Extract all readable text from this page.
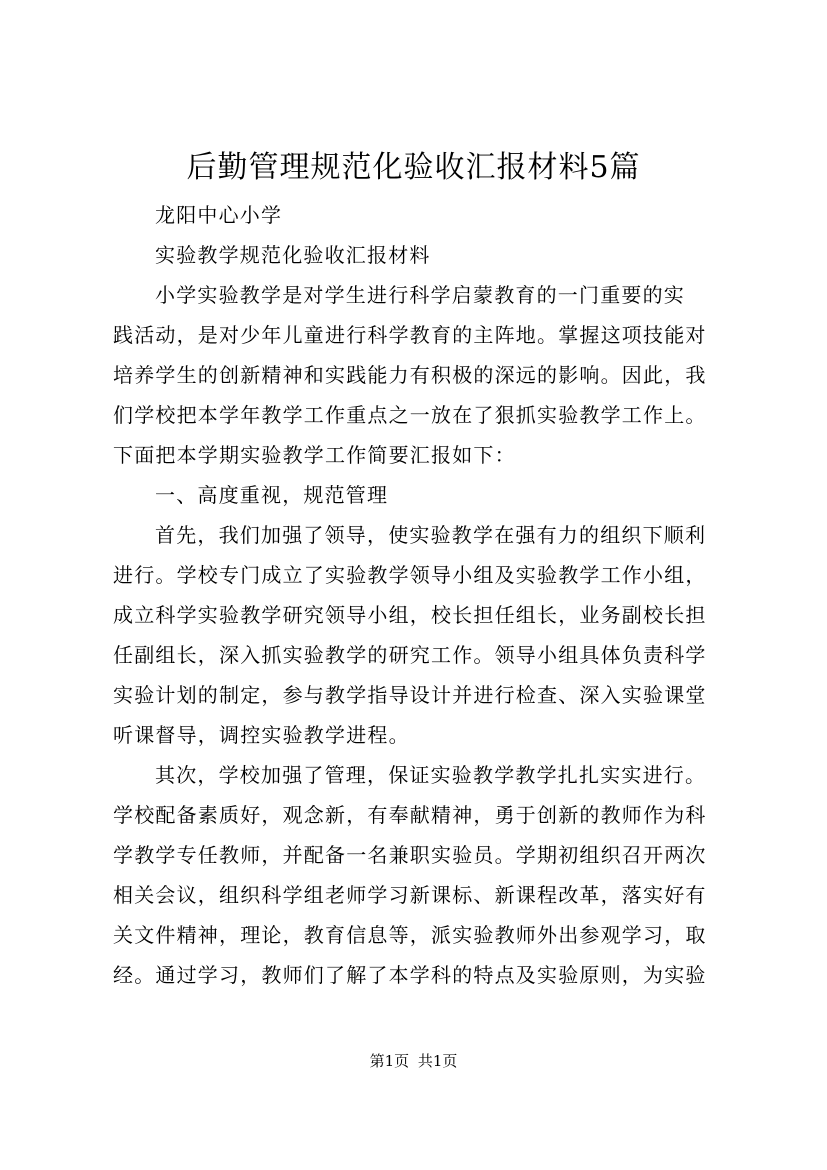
后勤管理规范化验收汇报材料5篇
龙阳中心小学
实验教学规范化验收汇报材料
小学实验教学是对学生进行科学启蒙教育的一门重要的实
践活动，是对少年儿童进行科学教育的主阵地。掌握这项技能对
培养学生的创新精神和实践能力有积极的深远的影响。因此，我
们学校把本学年教学工作重点之一放在了狠抓实验教学工作上。
下面把本学期实验教学工作简要汇报如下：
一、高度重视，规范管理
首先，我们加强了领导，使实验教学在强有力的组织下顺利
进行。学校专门成立了实验教学领导小组及实验教学工作小组，
成立科学实验教学研究领导小组，校长担任组长，业务副校长担
任副组长，深入抓实验教学的研究工作。领导小组具体负责科学
实验计划的制定，参与教学指导设计并进行检查、深入实验课堂
听课督导，调控实验教学进程。
其次，学校加强了管理，保证实验教学教学扎扎实实进行。
学校配备素质好，观念新，有奉献精神，勇于创新的教师作为科
学教学专任教师，并配备一名兼职实验员。学期初组织召开两次
相关会议，组织科学组老师学习新课标、新课程改革，落实好有
关文件精神，理论，教育信息等，派实验教师外出参观学习，取
经。通过学习，教师们了解了本学科的特点及实验原则，为实验
第1页 共1页
